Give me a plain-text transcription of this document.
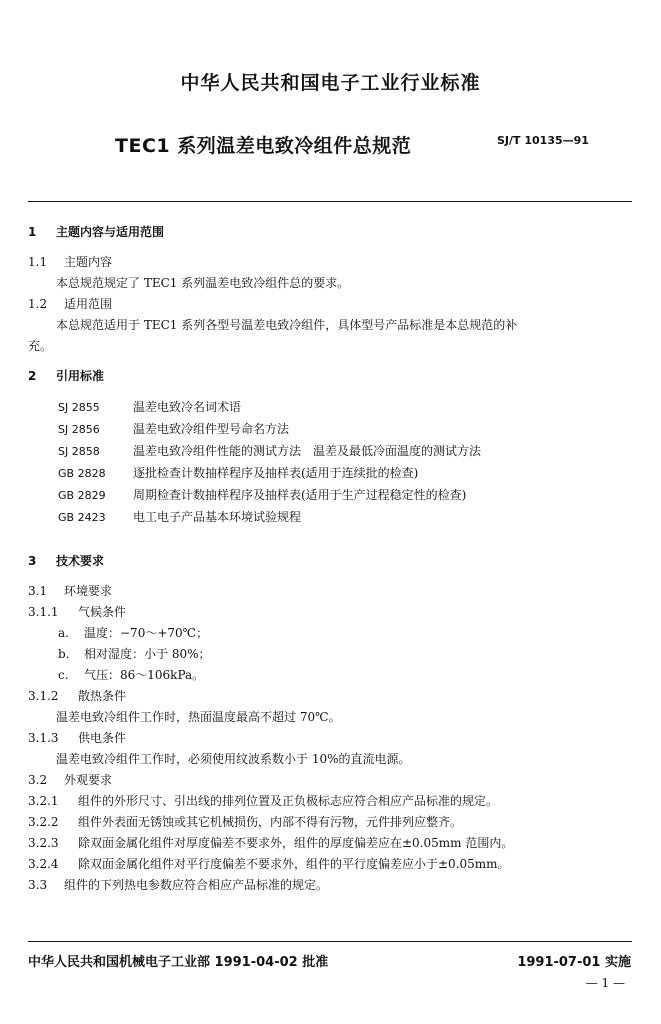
中华人民共和国电子工业行业标准
TEC1 系列温差电致冷组件总规范	SJ/T 10135—91
1 主题内容与适用范围
1.1 主题内容
本总规范规定了 TEC1 系列温差电致冷组件总的要求。
1.2 适用范围
本总规范适用于 TEC1 系列各型号温差电致冷组件，具体型号产品标准是本总规范的补
充。
2 引用标准
SJ 2855	温差电致冷名词术语
SJ 2856	温差电致冷组件型号命名方法
SJ 2858	温差电致冷组件性能的测试方法　温差及最低冷面温度的测试方法
GB 2828 逐批检查计数抽样程序及抽样表(适用于连续批的检查)
GB 2829 周期检查计数抽样程序及抽样表(适用于生产过程稳定性的检查)
GB 2423 电工电子产品基本环境试验规程
3 技术要求
3.1 环境要求
3.1.1 气候条件
a. 温度：−70～+70℃；
b. 相对湿度：小于 80%；
c. 气压：86～106kPa。
3.1.2 散热条件
温差电致冷组件工作时，热面温度最高不超过 70℃。
3.1.3 供电条件
温差电致冷组件工作时，必须使用纹波系数小于 10%的直流电源。
3.2 外观要求
3.2.1 组件的外形尺寸、引出线的排列位置及正负极标志应符合相应产品标准的规定。
3.2.2 组件外表面无锈蚀或其它机械损伤，内部不得有污物，元件排列应整齐。
3.2.3 除双面金属化组件对厚度偏差不要求外，组件的厚度偏差应在±0.05mm 范围内。
3.2.4 除双面金属化组件对平行度偏差不要求外，组件的平行度偏差应小于±0.05mm。
3.3 组件的下列热电参数应符合相应产品标准的规定。
中华人民共和国机械电子工业部 1991-04-02 批准	1991-07-01 实施
— 1 —
